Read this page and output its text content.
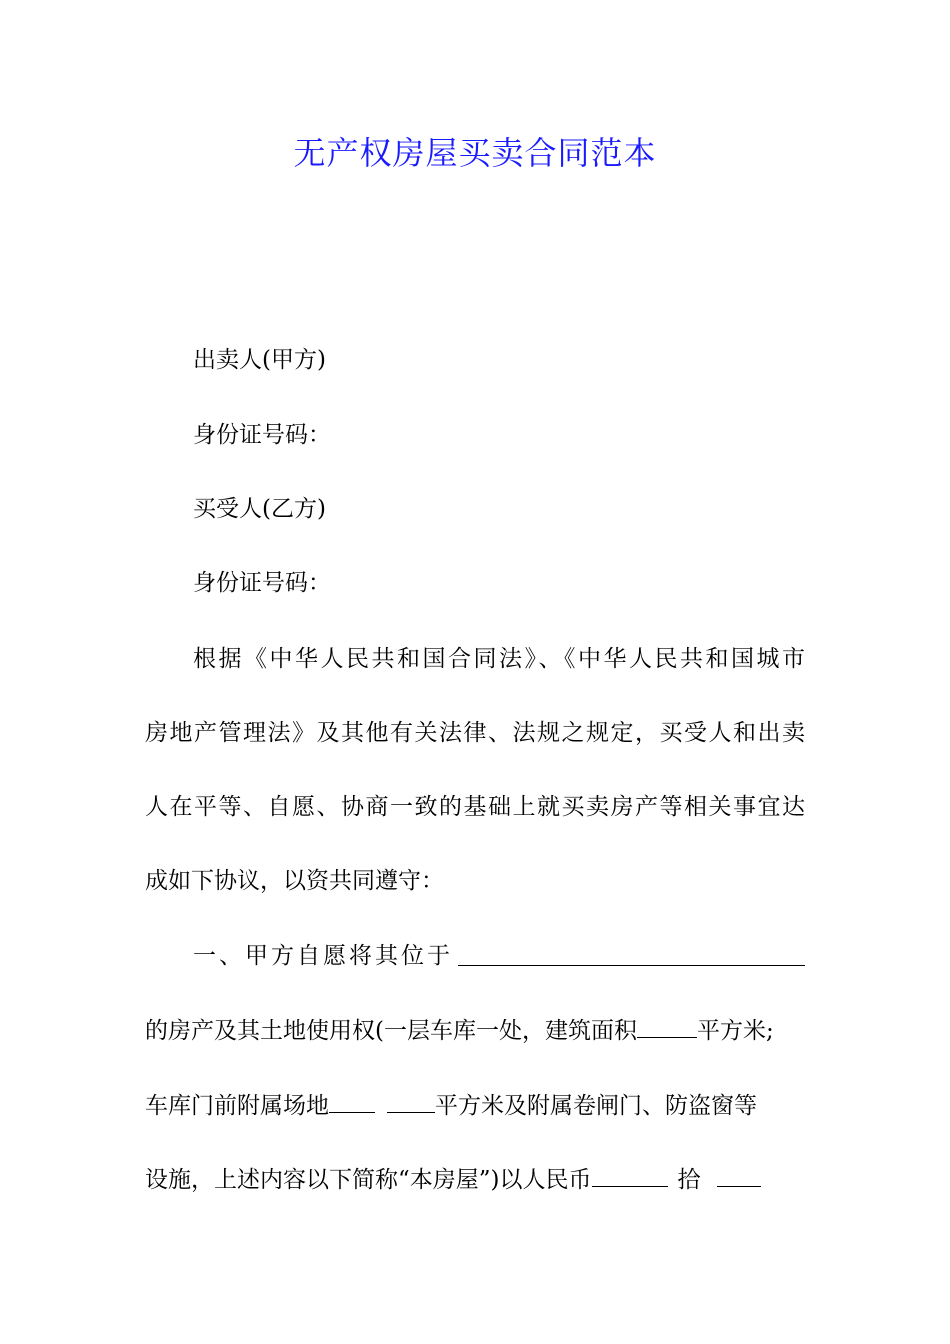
无产权房屋买卖合同范本
出卖人(甲方)
身份证号码：
买受人(乙方)
身份证号码：
根据《中华人民共和国合同法》、《中华人民共和国城市
房地产管理法》及其他有关法律、法规之规定，买受人和出卖
人在平等、自愿、协商一致的基础上就买卖房产等相关事宜达
成如下协议，以资共同遵守：
一、甲方自愿将其位于
的房产及其土地使用权(一层车库一处，建筑面积	平方米;
车库门前附属场地	平方米及附属卷闸门、防盗窗等
设施，上述内容以下简称“本房屋”)以人民币	拾
